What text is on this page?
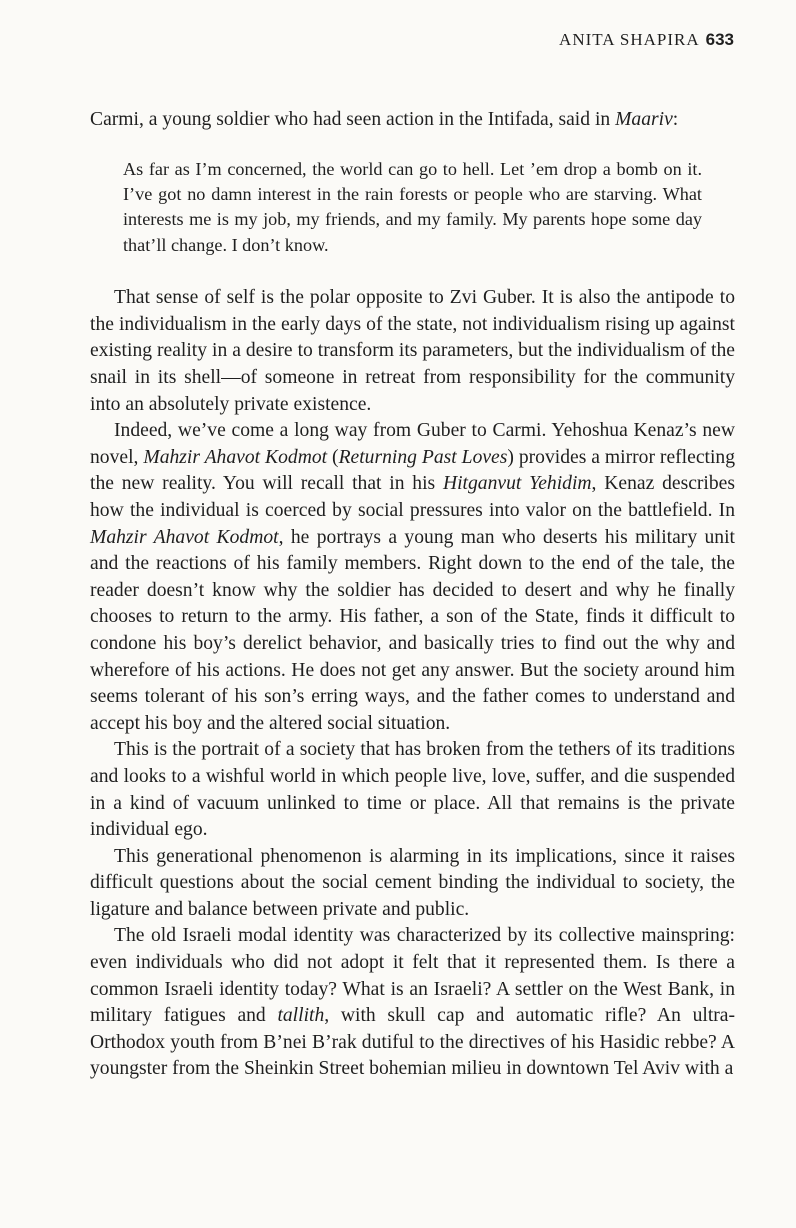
ANITA SHAPIRA 633

Carmi, a young soldier who had seen action in the Intifada, said in Maariv:

As far as I’m concerned, the world can go to hell. Let ’em drop a bomb on it. I’ve got no damn interest in the rain forests or people who are starving. What interests me is my job, my friends, and my family. My parents hope some day that’ll change. I don’t know.

That sense of self is the polar opposite to Zvi Guber. It is also the antipode to the individualism in the early days of the state, not individualism rising up against existing reality in a desire to transform its parameters, but the individualism of the snail in its shell—of someone in retreat from responsibility for the community into an absolutely private existence.

Indeed, we’ve come a long way from Guber to Carmi. Yehoshua Kenaz’s new novel, Mahzir Ahavot Kodmot (Returning Past Loves) provides a mirror reflecting the new reality. You will recall that in his Hitganvut Yehidim, Kenaz describes how the individual is coerced by social pressures into valor on the battlefield. In Mahzir Ahavot Kodmot, he portrays a young man who deserts his military unit and the reactions of his family members. Right down to the end of the tale, the reader doesn’t know why the soldier has decided to desert and why he finally chooses to return to the army. His father, a son of the State, finds it difficult to condone his boy’s derelict behavior, and basically tries to find out the why and wherefore of his actions. He does not get any answer. But the society around him seems tolerant of his son’s erring ways, and the father comes to understand and accept his boy and the altered social situation.

This is the portrait of a society that has broken from the tethers of its traditions and looks to a wishful world in which people live, love, suffer, and die suspended in a kind of vacuum unlinked to time or place. All that remains is the private individual ego.

This generational phenomenon is alarming in its implications, since it raises difficult questions about the social cement binding the individual to society, the ligature and balance between private and public.

The old Israeli modal identity was characterized by its collective mainspring: even individuals who did not adopt it felt that it represented them. Is there a common Israeli identity today? What is an Israeli? A settler on the West Bank, in military fatigues and tallith, with skull cap and automatic rifle? An ultra-Orthodox youth from B’nei B’rak dutiful to the directives of his Hasidic rebbe? A youngster from the Sheinkin Street bohemian milieu in downtown Tel Aviv with a
